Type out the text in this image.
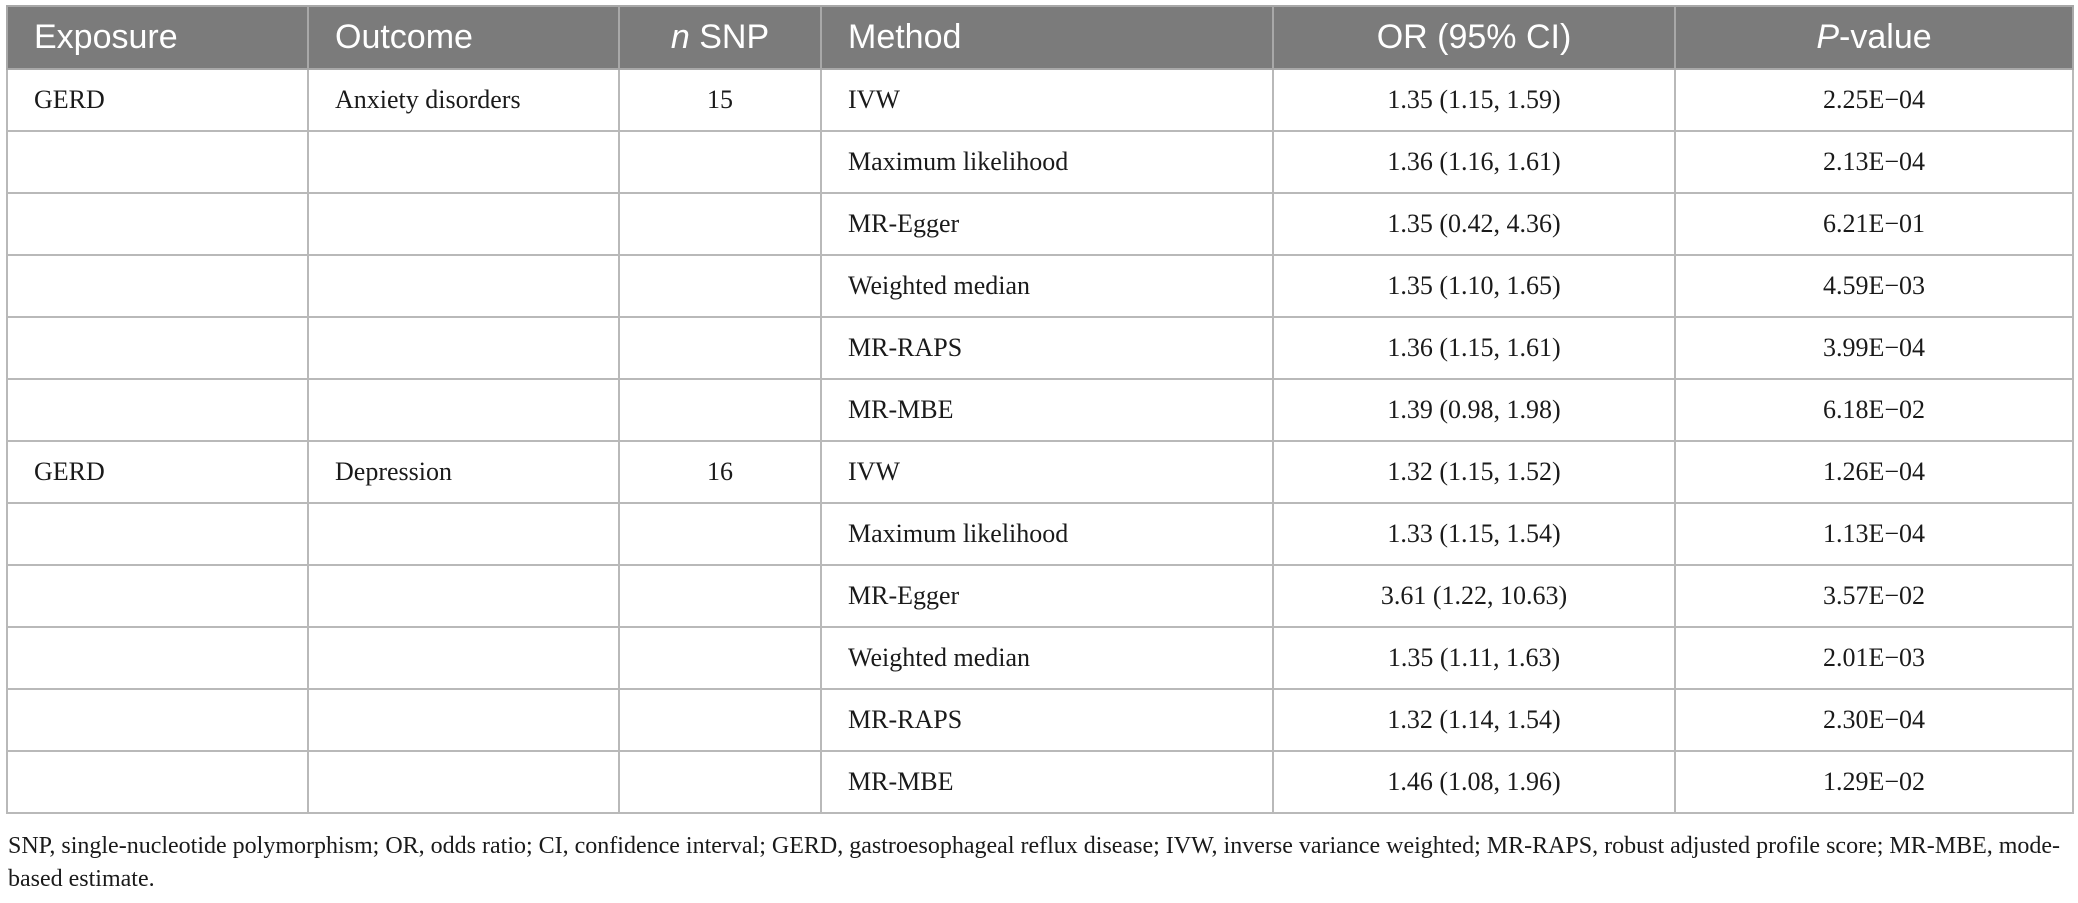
Exposure	Outcome	n SNP	Method	OR (95% CI)	P-value
GERD	Anxiety disorders	15	IVW	1.35 (1.15, 1.59)	2.25E−04
			Maximum likelihood	1.36 (1.16, 1.61)	2.13E−04
			MR-Egger	1.35 (0.42, 4.36)	6.21E−01
			Weighted median	1.35 (1.10, 1.65)	4.59E−03
			MR-RAPS	1.36 (1.15, 1.61)	3.99E−04
			MR-MBE	1.39 (0.98, 1.98)	6.18E−02
GERD	Depression	16	IVW	1.32 (1.15, 1.52)	1.26E−04
			Maximum likelihood	1.33 (1.15, 1.54)	1.13E−04
			MR-Egger	3.61 (1.22, 10.63)	3.57E−02
			Weighted median	1.35 (1.11, 1.63)	2.01E−03
			MR-RAPS	1.32 (1.14, 1.54)	2.30E−04
			MR-MBE	1.46 (1.08, 1.96)	1.29E−02
SNP, single-nucleotide polymorphism; OR, odds ratio; CI, confidence interval; GERD, gastroesophageal reflux disease; IVW, inverse variance weighted; MR-RAPS, robust adjusted profile score; MR-MBE, mode-based estimate.
